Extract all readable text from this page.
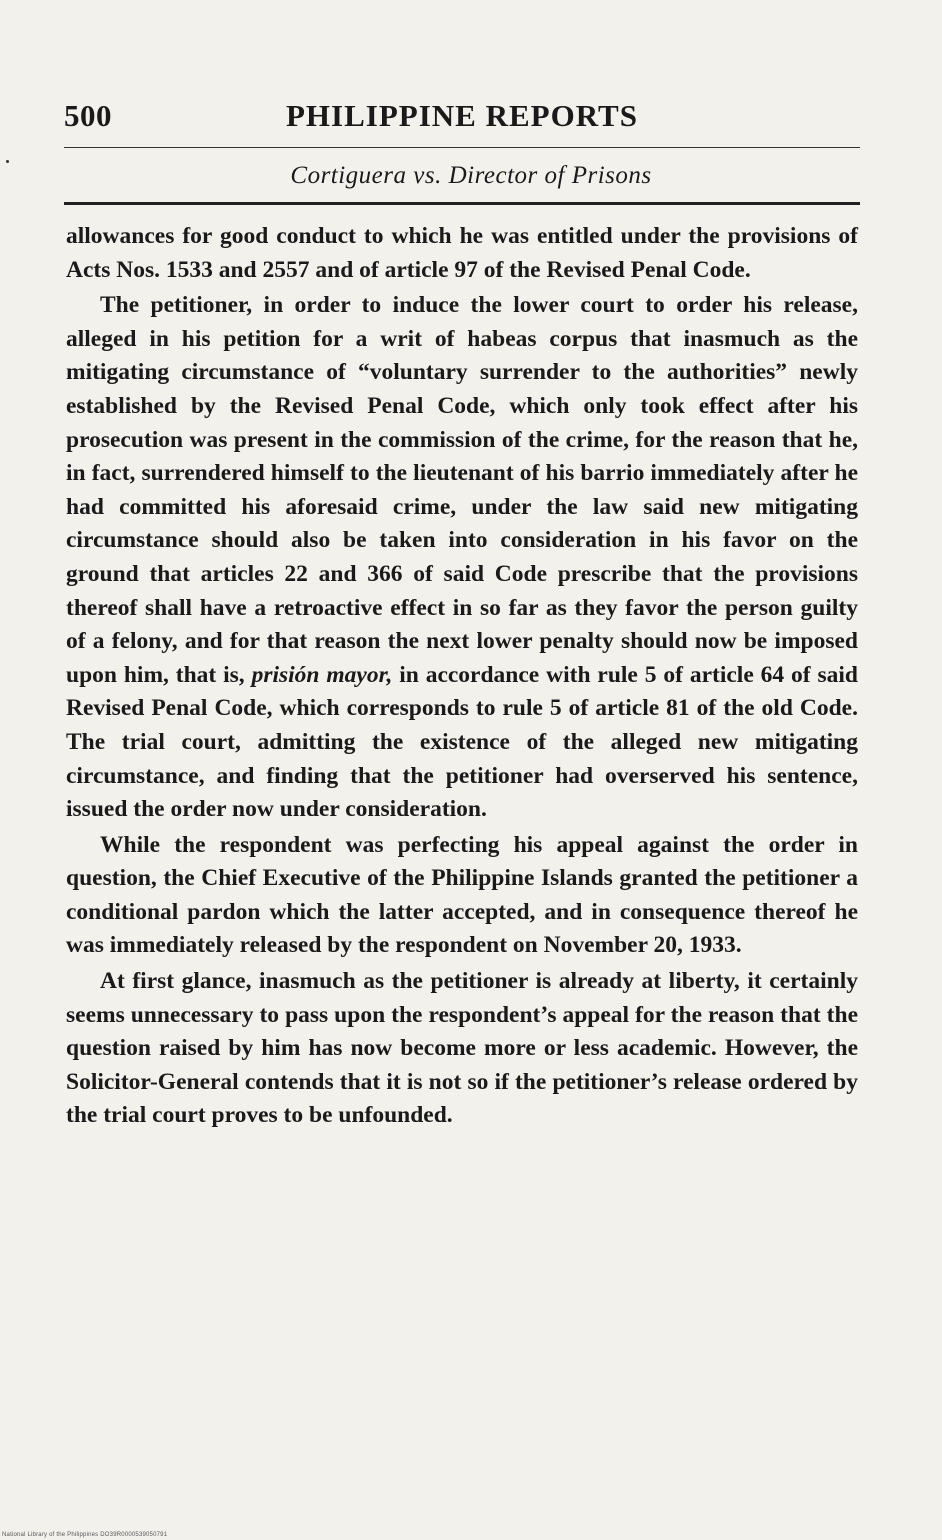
500	PHILIPPINE REPORTS
Cortiguera vs. Director of Prisons

allowances for good conduct to which he was entitled under the provisions of Acts Nos. 1533 and 2557 and of article 97 of the Revised Penal Code.

The petitioner, in order to induce the lower court to order his release, alleged in his petition for a writ of habeas corpus that inasmuch as the mitigating circumstance of “voluntary surrender to the authorities” newly established by the Revised Penal Code, which only took effect after his prosecution was present in the commission of the crime, for the reason that he, in fact, surrendered himself to the lieutenant of his barrio immediately after he had committed his aforesaid crime, under the law said new mitigating circumstance should also be taken into consideration in his favor on the ground that articles 22 and 366 of said Code prescribe that the provisions thereof shall have a retroactive effect in so far as they favor the person guilty of a felony, and for that reason the next lower penalty should now be imposed upon him, that is, prisión mayor, in accordance with rule 5 of article 64 of said Revised Penal Code, which corresponds to rule 5 of article 81 of the old Code. The trial court, admitting the existence of the alleged new mitigating circumstance, and finding that the petitioner had overserved his sentence, issued the order now under consideration.

While the respondent was perfecting his appeal against the order in question, the Chief Executive of the Philippine Islands granted the petitioner a conditional pardon which the latter accepted, and in consequence thereof he was immediately released by the respondent on November 20, 1933.

At first glance, inasmuch as the petitioner is already at liberty, it certainly seems unnecessary to pass upon the respondent’s appeal for the reason that the question raised by him has now become more or less academic. However, the Solicitor-General contends that it is not so if the petitioner’s release ordered by the trial court proves to be unfounded.

National Library of the Philippines DO39R0000539050791
